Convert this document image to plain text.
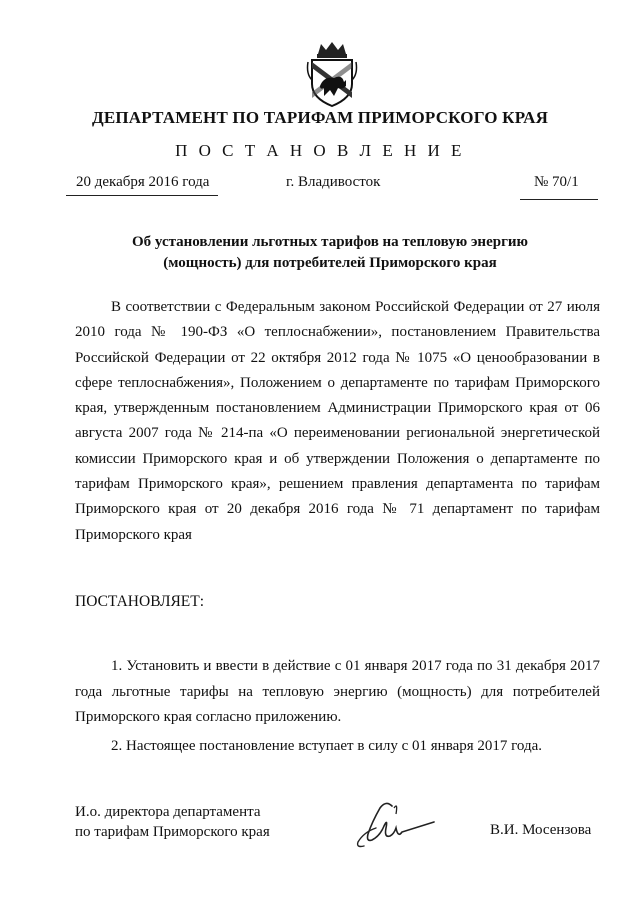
ДЕПАРТАМЕНТ ПО ТАРИФАМ ПРИМОРСКОГО КРАЯ
П О С Т А Н О В Л Е Н И Е
20 декабря 2016 года	г. Владивосток	№ 70/1
Об установлении льготных тарифов на тепловую энергию
(мощность) для потребителей Приморского края

В соответствии с Федеральным законом Российской Федерации от 27 июля 2010 года № 190-ФЗ «О теплоснабжении», постановлением Правительства Российской Федерации от 22 октября 2012 года № 1075 «О ценообразовании в сфере теплоснабжения», Положением о департаменте по тарифам Приморского края, утвержденным постановлением Администрации Приморского края от 06 августа 2007 года № 214-па «О переименовании региональной энергетической комиссии Приморского края и об утверждении Положения о департаменте по тарифам Приморского края», решением правления департамента по тарифам Приморского края от 20 декабря 2016 года № 71 департамент по тарифам Приморского края

ПОСТАНОВЛЯЕТ:

1. Установить и ввести в действие с 01 января 2017 года по 31 декабря 2017 года льготные тарифы на тепловую энергию (мощность) для потребителей Приморского края согласно приложению.

2. Настоящее постановление вступает в силу с 01 января 2017 года.

И.о. директора департамента
по тарифам Приморского края	В.И. Мосензова
